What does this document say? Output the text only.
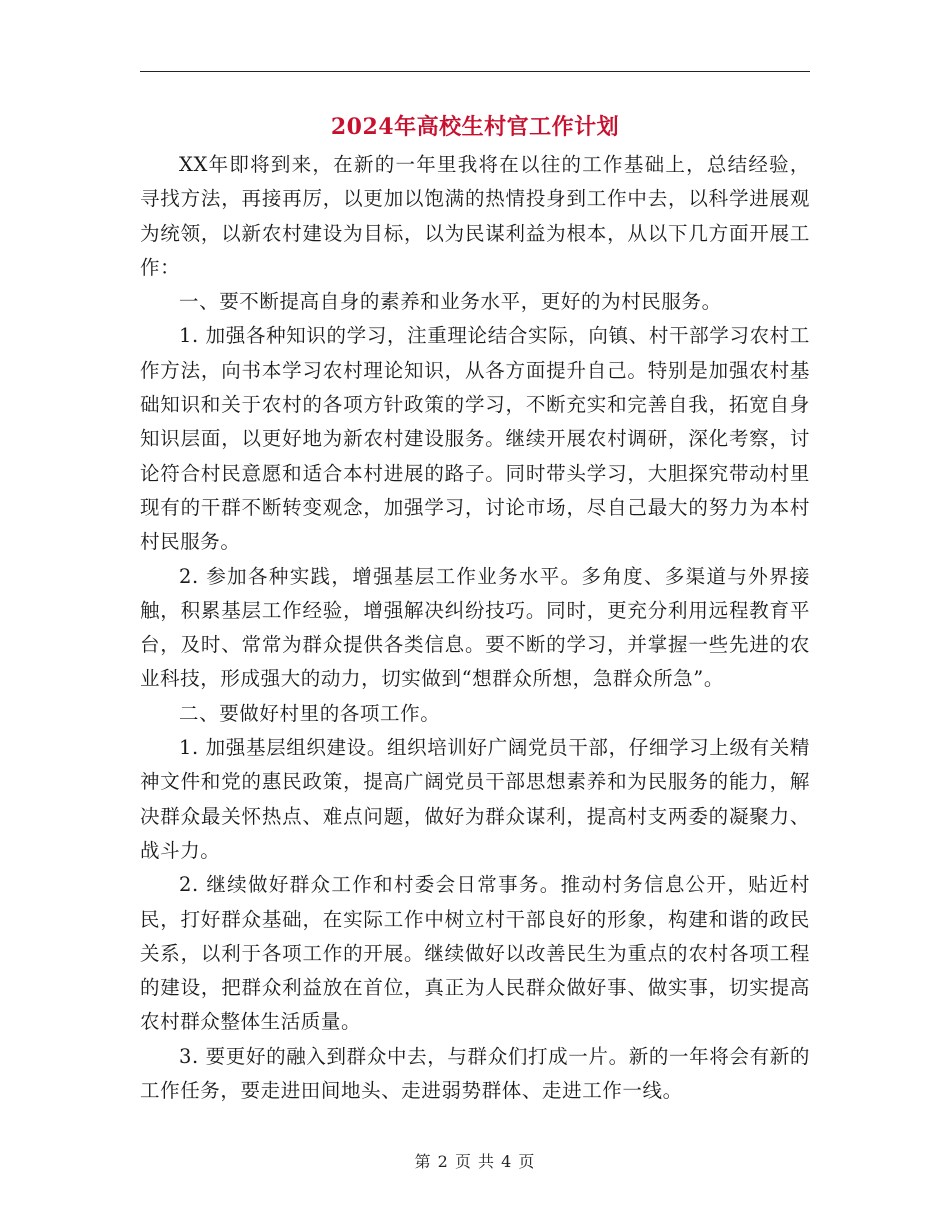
2024年高校生村官工作计划

XX年即将到来，在新的一年里我将在以往的工作基础上，总结经验，寻找方法，再接再厉，以更加以饱满的热情投身到工作中去，以科学进展观为统领，以新农村建设为目标，以为民谋利益为根本，从以下几方面开展工作：

一、要不断提高自身的素养和业务水平，更好的为村民服务。

1. 加强各种知识的学习，注重理论结合实际，向镇、村干部学习农村工作方法，向书本学习农村理论知识，从各方面提升自己。特别是加强农村基础知识和关于农村的各项方针政策的学习，不断充实和完善自我，拓宽自身知识层面，以更好地为新农村建设服务。继续开展农村调研，深化考察，讨论符合村民意愿和适合本村进展的路子。同时带头学习，大胆探究带动村里现有的干群不断转变观念，加强学习，讨论市场，尽自己最大的努力为本村村民服务。

2. 参加各种实践，增强基层工作业务水平。多角度、多渠道与外界接触，积累基层工作经验，增强解决纠纷技巧。同时，更充分利用远程教育平台，及时、常常为群众提供各类信息。要不断的学习，并掌握一些先进的农业科技，形成强大的动力，切实做到“想群众所想，急群众所急”。

二、要做好村里的各项工作。

1. 加强基层组织建设。组织培训好广阔党员干部，仔细学习上级有关精神文件和党的惠民政策，提高广阔党员干部思想素养和为民服务的能力，解决群众最关怀热点、难点问题，做好为群众谋利，提高村支两委的凝聚力、战斗力。

2. 继续做好群众工作和村委会日常事务。推动村务信息公开，贴近村民，打好群众基础，在实际工作中树立村干部良好的形象，构建和谐的政民关系，以利于各项工作的开展。继续做好以改善民生为重点的农村各项工程的建设，把群众利益放在首位，真正为人民群众做好事、做实事，切实提高农村群众整体生活质量。

3. 要更好的融入到群众中去，与群众们打成一片。新的一年将会有新的工作任务，要走进田间地头、走进弱势群体、走进工作一线。

第 2 页 共 4 页
